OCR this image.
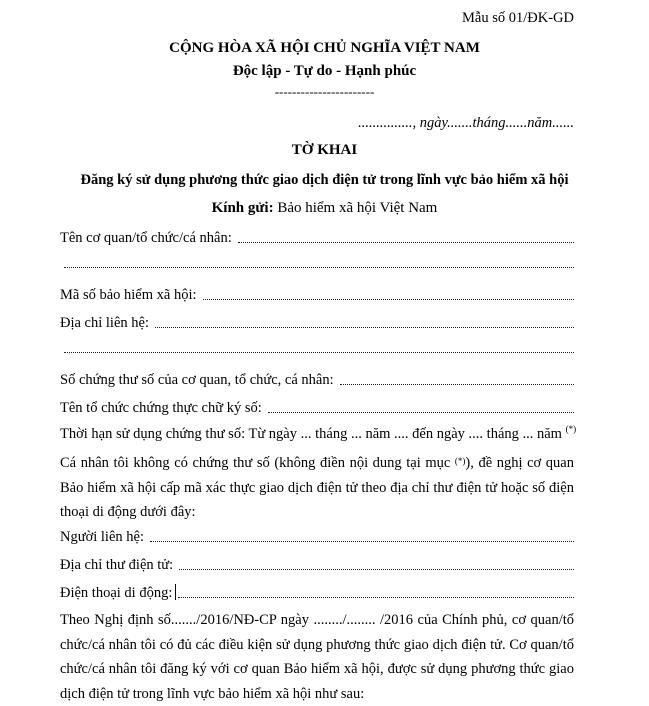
Mẫu số 01/ĐK-GD
CỘNG HÒA XÃ HỘI CHỦ NGHĨA VIỆT NAM
Độc lập - Tự do - Hạnh phúc
-----------------------
..............., ngày.......tháng......năm......
TỜ KHAI
Đăng ký sử dụng phương thức giao dịch điện tử trong lĩnh vực bảo hiểm xã hội
Kính gửi: Bảo hiểm xã hội Việt Nam
Tên cơ quan/tổ chức/cá nhân:
Mã số bảo hiểm xã hội:
Địa chỉ liên hệ:
Số chứng thư số của cơ quan, tổ chức, cá nhân:
Tên tổ chức chứng thực chữ ký số:
Thời hạn sử dụng chứng thư số: Từ ngày ... tháng ... năm .... đến ngày .... tháng ... năm (*)
Cá nhân tôi không có chứng thư số (không điền nội dung tại mục (*)), đề nghị cơ quan
Bảo hiểm xã hội cấp mã xác thực giao dịch điện tử theo địa chỉ thư điện tử hoặc số điện
thoại di động dưới đây:
Người liên hệ:
Địa chỉ thư điện tử:
Điện thoại di động:
Theo Nghị định số......./2016/NĐ-CP ngày ......../........ /2016 của Chính phủ, cơ quan/tổ
chức/cá nhân tôi có đủ các điều kiện sử dụng phương thức giao dịch điện tử. Cơ quan/tổ
chức/cá nhân tôi đăng ký với cơ quan Bảo hiểm xã hội, được sử dụng phương thức giao
dịch điện tử trong lĩnh vực bảo hiểm xã hội như sau:
